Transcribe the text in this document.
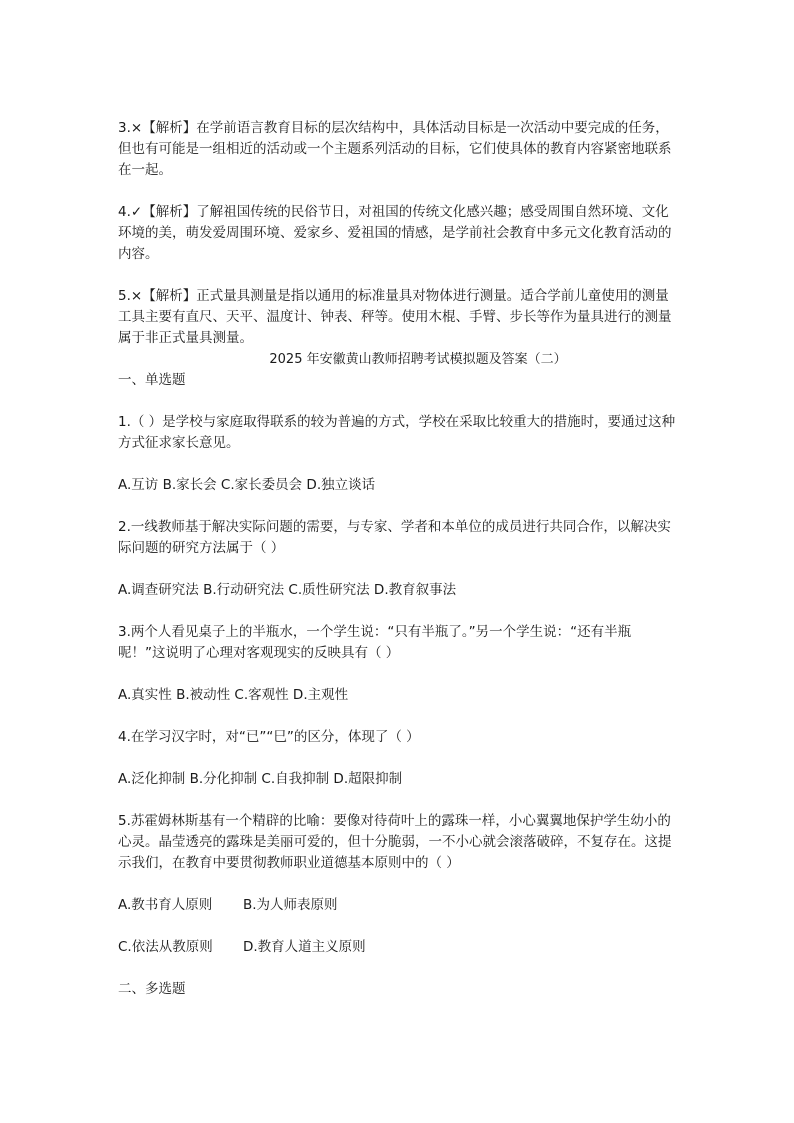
3.×【解析】在学前语言教育目标的层次结构中，具体活动目标是一次活动中要完成的任务，但也有可能是一组相近的活动或一个主题系列活动的目标，它们使具体的教育内容紧密地联系在一起。

4.✓【解析】了解祖国传统的民俗节日，对祖国的传统文化感兴趣；感受周围自然环境、文化环境的美，萌发爱周围环境、爱家乡、爱祖国的情感，是学前社会教育中多元文化教育活动的内容。

5.×【解析】正式量具测量是指以通用的标准量具对物体进行测量。适合学前儿童使用的测量工具主要有直尺、天平、温度计、钟表、秤等。使用木棍、手臂、步长等作为量具进行的测量属于非正式量具测量。

2025 年安徽黄山教师招聘考试模拟题及答案（二）

一、单选题

1.（ ）是学校与家庭取得联系的较为普遍的方式，学校在采取比较重大的措施时，要通过这种方式征求家长意见。

A.互访 B.家长会 C.家长委员会 D.独立谈话

2.一线教师基于解决实际问题的需要，与专家、学者和本单位的成员进行共同合作，以解决实际问题的研究方法属于（ ）

A.调查研究法 B.行动研究法 C.质性研究法 D.教育叙事法

3.两个人看见桌子上的半瓶水，一个学生说：“只有半瓶了。”另一个学生说：“还有半瓶呢！”这说明了心理对客观现实的反映具有（ ）

A.真实性 B.被动性 C.客观性 D.主观性

4.在学习汉字时，对“已”“巳”的区分，体现了（ ）

A.泛化抑制 B.分化抑制 C.自我抑制 D.超限抑制

5.苏霍姆林斯基有一个精辟的比喻：要像对待荷叶上的露珠一样，小心翼翼地保护学生幼小的心灵。晶莹透亮的露珠是美丽可爱的，但十分脆弱，一不小心就会滚落破碎，不复存在。这提示我们，在教育中要贯彻教师职业道德基本原则中的（ ）

A.教书育人原则	B.为人师表原则
C.依法从教原则	D.教育人道主义原则

二、多选题
